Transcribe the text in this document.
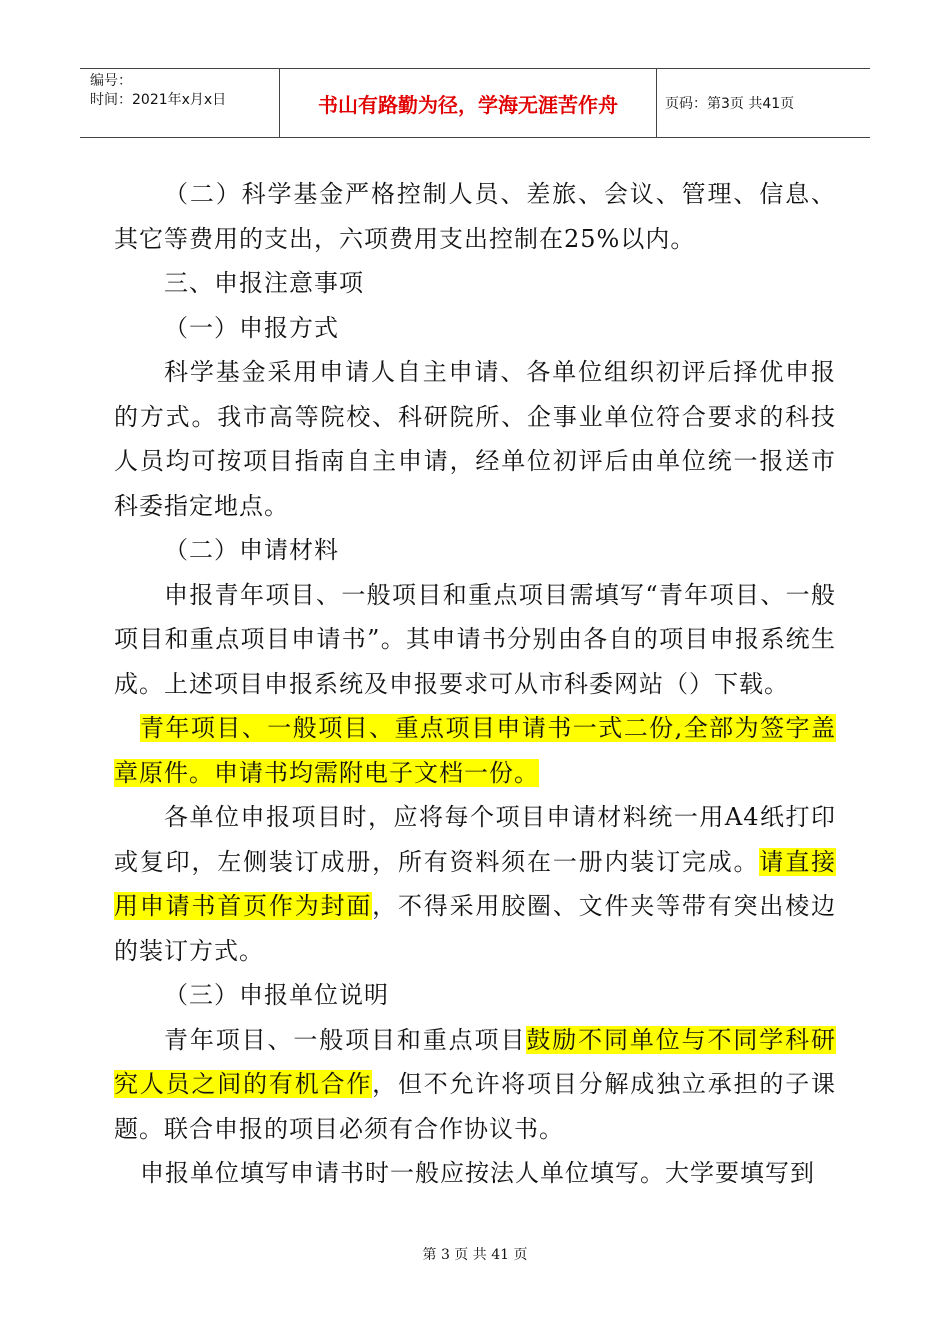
编号：
时间：2021年x月x日	书山有路勤为径，学海无涯苦作舟	页码：第3页 共41页

（二）科学基金严格控制人员、差旅、会议、管理、信息、其它等费用的支出，六项费用支出控制在25%以内。

三、申报注意事项

（一）申报方式

科学基金采用申请人自主申请、各单位组织初评后择优申报的方式。我市高等院校、科研院所、企事业单位符合要求的科技人员均可按项目指南自主申请，经单位初评后由单位统一报送市科委指定地点。

（二）申请材料

申报青年项目、一般项目和重点项目需填写“青年项目、一般项目和重点项目申请书”。其申请书分别由各自的项目申报系统生成。上述项目申报系统及申报要求可从市科委网站（）下载。

青年项目、一般项目、重点项目申请书一式二份,全部为签字盖章原件。申请书均需附电子文档一份。

各单位申报项目时，应将每个项目申请材料统一用A4纸打印或复印，左侧装订成册，所有资料须在一册内装订完成。请直接用申请书首页作为封面，不得采用胶圈、文件夹等带有突出棱边的装订方式。

（三）申报单位说明

青年项目、一般项目和重点项目鼓励不同单位与不同学科研究人员之间的有机合作，但不允许将项目分解成独立承担的子课题。联合申报的项目必须有合作协议书。

申报单位填写申请书时一般应按法人单位填写。大学要填写到

第 3 页 共 41 页
